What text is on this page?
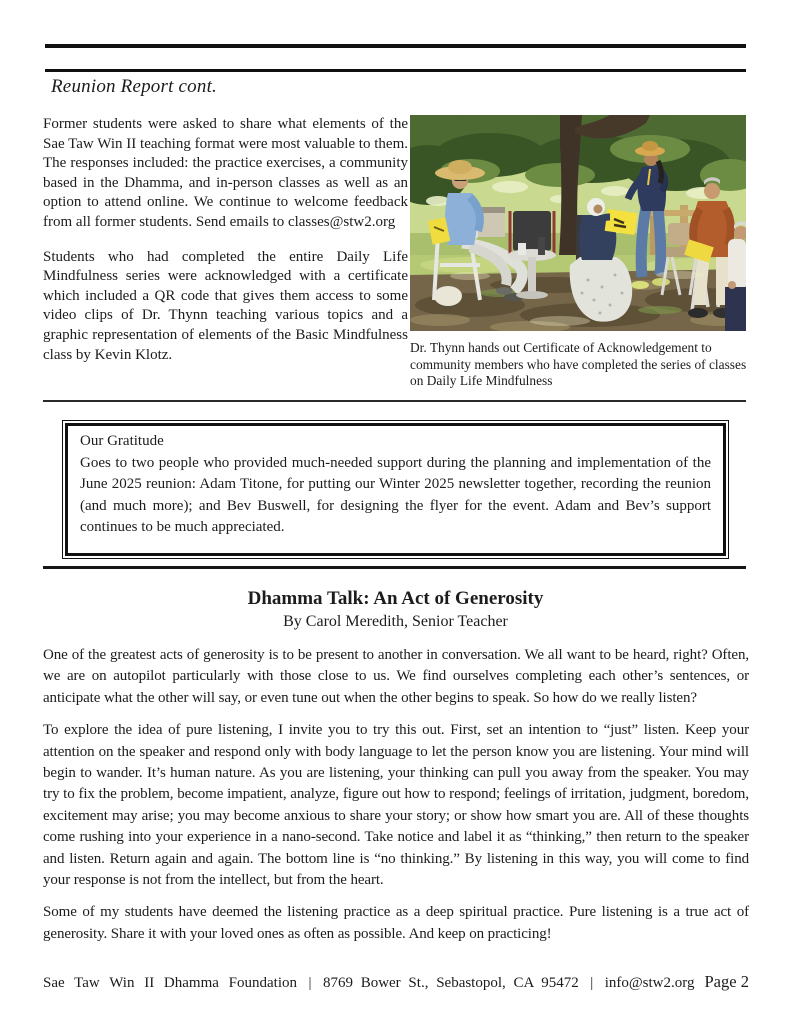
Reunion Report cont.

Former students were asked to share what elements of the Sae Taw Win II teaching format were most valuable to them. The responses included: the practice exercises, a community based in the Dhamma, and in-person classes as well as an option to attend online. We continue to welcome feedback from all former students. Send emails to classes@stw2.org

Students who had completed the entire Daily Life Mindfulness series were acknowledged with a certificate which included a QR code that gives them access to some video clips of Dr. Thynn teaching various topics and a graphic representation of elements of the Basic Mindfulness class by Kevin Klotz.	Dr. Thynn hands out Certificate of Acknowledgement to community members who have completed the series of classes on Daily Life Mindfulness

Our Gratitude

Goes to two people who provided much-needed support during the planning and implementation of the June 2025 reunion: Adam Titone, for putting our Winter 2025 newsletter together, recording the reunion (and much more); and Bev Buswell, for designing the flyer for the event. Adam and Bev’s support continues to be much appreciated.

Dhamma Talk: An Act of Generosity
By Carol Meredith, Senior Teacher

One of the greatest acts of generosity is to be present to another in conversation. We all want to be heard, right? Often, we are on autopilot particularly with those close to us. We find ourselves completing each other’s sentences, or anticipate what the other will say, or even tune out when the other begins to speak. So how do we really listen?

To explore the idea of pure listening, I invite you to try this out. First, set an intention to “just” listen. Keep your attention on the speaker and respond only with body language to let the person know you are listening. Your mind will begin to wander. It’s human nature. As you are listening, your thinking can pull you away from the speaker. You may try to fix the problem, become impatient, analyze, figure out how to respond; feelings of irritation, judgment, boredom, excitement may arise; you may become anxious to share your story; or show how smart you are. All of these thoughts come rushing into your experience in a nano-second. Take notice and label it as “thinking,” then return to the speaker and listen. Return again and again. The bottom line is “no thinking.” By listening in this way, you will come to find your response is not from the intellect, but from the heart.

Some of my students have deemed the listening practice as a deep spiritual practice. Pure listening is a true act of generosity. Share it with your loved ones as often as possible. And keep on practicing!

Sae Taw Win II Dhamma Foundation | 8769 Bower St., Sebastopol, CA 95472 | info@stw2.org Page 2
